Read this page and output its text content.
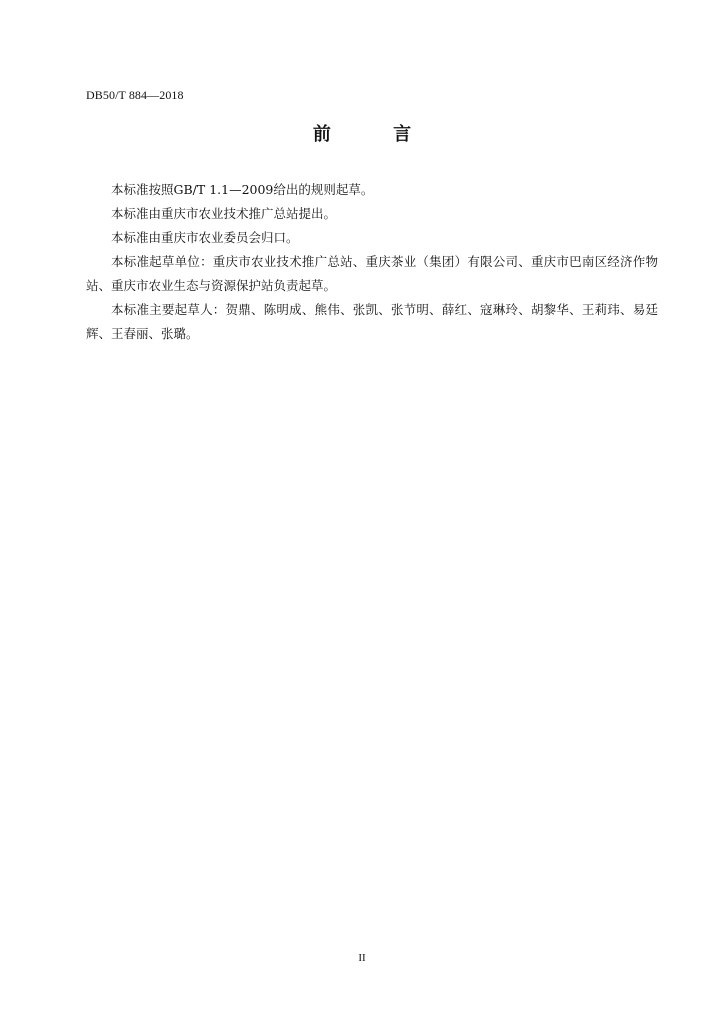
DB50/T 884—2018
前 言

本标准按照GB/T 1.1—2009给出的规则起草。

本标准由重庆市农业技术推广总站提出。

本标准由重庆市农业委员会归口。

本标准起草单位：重庆市农业技术推广总站、重庆茶业（集团）有限公司、重庆市巴南区经济作物站、重庆市农业生态与资源保护站负责起草。

本标准主要起草人：贺鼎、陈明成、熊伟、张凯、张节明、薛红、寇琳玲、胡黎华、王莉玮、易廷辉、王春丽、张璐。

II
